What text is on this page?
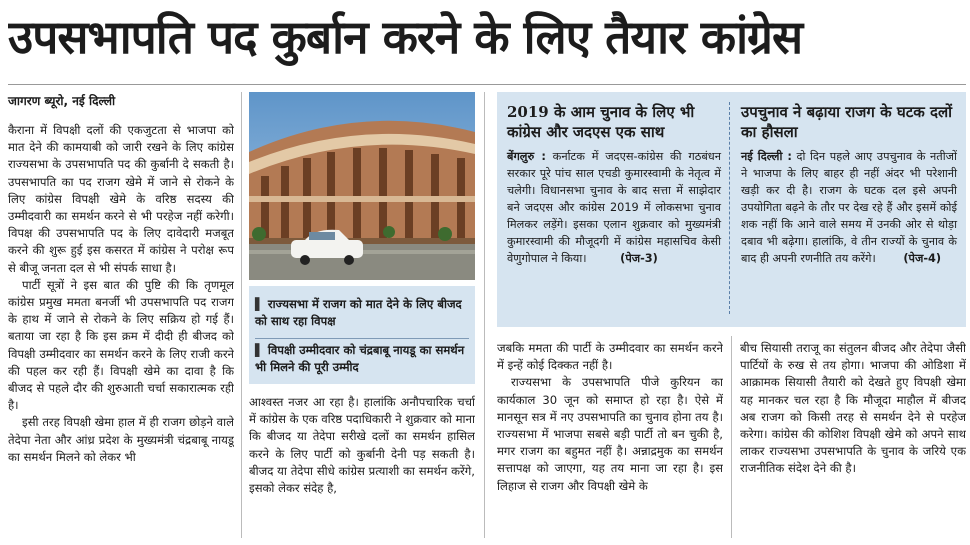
उपसभापति पद कुर्बान करने के लिए तैयार कांग्रेस
जागरण ब्यूरो, नई दिल्ली

कैराना में विपक्षी दलों की एकजुटता से भाजपा को मात देने की कामयाबी को जारी रखने के लिए कांग्रेस राज्यसभा के उपसभापति पद की कुर्बानी दे सकती है। उपसभापति का पद राजग खेमे में जाने से रोकने के लिए कांग्रेस विपक्षी खेमे के वरिष्ठ सदस्य की उम्मीदवारी का समर्थन करने से भी परहेज नहीं करेगी। विपक्ष की उपसभापति पद के लिए दावेदारी मजबूत करने की शुरू हुई इस कसरत में कांग्रेस ने परोक्ष रूप से बीजू जनता दल से भी संपर्क साधा है।

पार्टी सूत्रों ने इस बात की पुष्टि की कि तृणमूल कांग्रेस प्रमुख ममता बनर्जी भी उपसभापति पद राजग के हाथ में जाने से रोकने के लिए सक्रिय हो गई हैं। बताया जा रहा है कि इस क्रम में दीदी ही बीजद को विपक्षी उम्मीदवार का समर्थन करने के लिए राजी करने की पहल कर रही हैं। विपक्षी खेमे का दावा है कि बीजद से पहले दौर की शुरुआती चर्चा सकारात्मक रही है।

इसी तरह विपक्षी खेमा हाल में ही राजग छोड़ने वाले तेदेपा नेता और आंध्र प्रदेश के मुख्यमंत्री चंद्रबाबू नायडू का समर्थन मिलने को लेकर भी

▌ राज्यसभा में राजग को मात देने के लिए बीजद को साथ रहा विपक्ष
▌ विपक्षी उम्मीदवार को चंद्रबाबू नायडू का समर्थन भी मिलने की पूरी उम्मीद

आश्वस्त नजर आ रहा है। हालांकि अनौपचारिक चर्चा में कांग्रेस के एक वरिष्ठ पदाधिकारी ने शुक्रवार को माना कि बीजद या तेदेपा सरीखे दलों का समर्थन हासिल करने के लिए पार्टी को कुर्बानी देनी पड़ सकती है। बीजद या तेदेपा सीधे कांग्रेस प्रत्याशी का समर्थन करेंगे, इसको लेकर संदेह है,

2019 के आम चुनाव के लिए भी कांग्रेस और जदएस एक साथ
बेंगलुरु : कर्नाटक में जदएस-कांग्रेस की गठबंधन सरकार पूरे पांच साल एचडी कुमारस्वामी के नेतृत्व में चलेगी। विधानसभा चुनाव के बाद सत्ता में साझेदार बने जदएस और कांग्रेस 2019 में लोकसभा चुनाव मिलकर लड़ेंगे। इसका एलान शुक्रवार को मुख्यमंत्री कुमारस्वामी की मौजूदगी में कांग्रेस महासचिव केसी वेणुगोपाल ने किया।	(पेज-3)
उपचुनाव ने बढ़ाया राजग के घटक दलों का हौसला
नई दिल्ली : दो दिन पहले आए उपचुनाव के नतीजों ने भाजपा के लिए बाहर ही नहीं अंदर भी परेशानी खड़ी कर दी है। राजग के घटक दल इसे अपनी उपयोगिता बढ़ने के तौर पर देख रहे हैं और इसमें कोई शक नहीं कि आने वाले समय में उनकी ओर से थोड़ा दबाव भी बढ़ेगा। हालांकि, वे तीन राज्यों के चुनाव के बाद ही अपनी रणनीति तय करेंगे। (पेज-4)

जबकि ममता की पार्टी के उम्मीदवार का समर्थन करने में इन्हें कोई दिक्कत नहीं है।

राज्यसभा के उपसभापति पीजे कुरियन का कार्यकाल 30 जून को समाप्त हो रहा है। ऐसे में मानसून सत्र में नए उपसभापति का चुनाव होना तय है। राज्यसभा में भाजपा सबसे बड़ी पार्टी तो बन चुकी है, मगर राजग का बहुमत नहीं है। अन्नाद्रमुक का समर्थन सत्तापक्ष को जाएगा, यह तय माना जा रहा है। इस लिहाज से राजग और विपक्षी खेमे के

बीच सियासी तराजू का संतुलन बीजद और तेदेपा जैसी पार्टियों के रुख से तय होगा। भाजपा की ओडिशा में आक्रामक सियासी तैयारी को देखते हुए विपक्षी खेमा यह मानकर चल रहा है कि मौजूदा माहौल में बीजद अब राजग को किसी तरह से समर्थन देने से परहेज करेगा। कांग्रेस की कोशिश विपक्षी खेमे को अपने साथ लाकर राज्यसभा उपसभापति के चुनाव के जरिये एक राजनीतिक संदेश देने की है।
